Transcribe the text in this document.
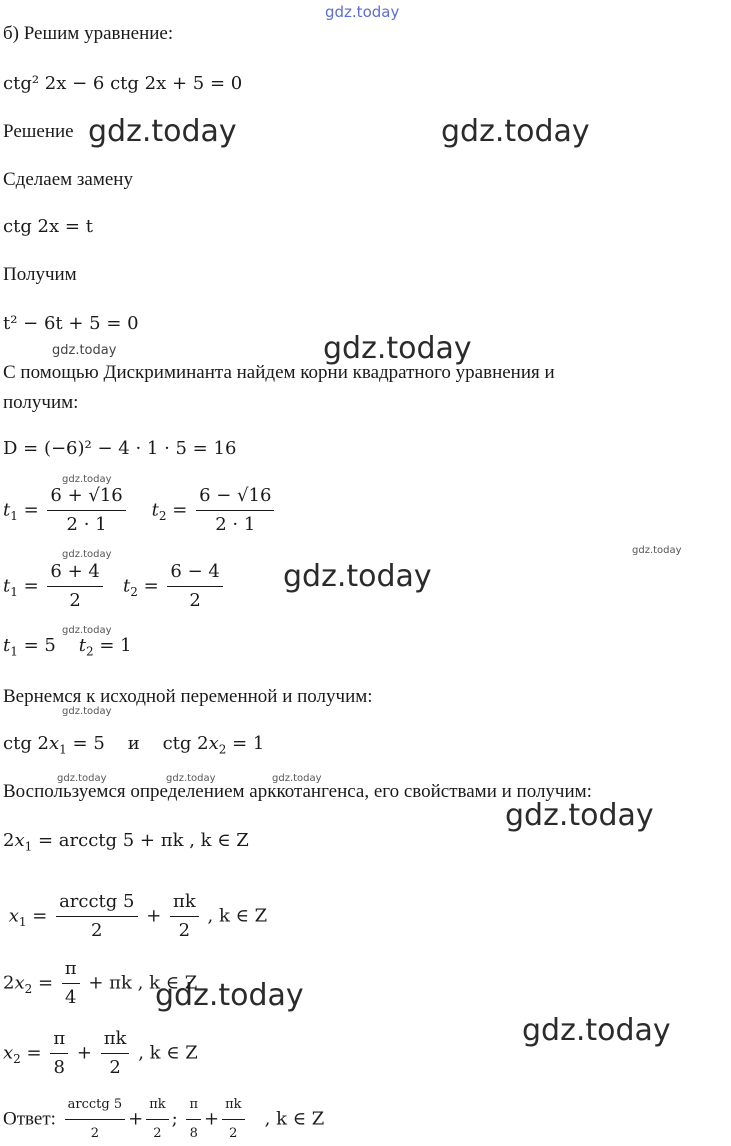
gdz.today
gdz.today	gdz.today
gdz.today
gdz.today
gdz.today
gdz.today
gdz.today
gdz.today
gdz.today
gdz.today
gdz.today	gdz.today	gdz.today
gdz.today
gdz.today
gdz.today
б) Решим уравнение:
ctg² 2x − 6 ctg 2x + 5 = 0
Решение
Сделаем замену
ctg 2x = t
Получим
t² − 6t + 5 = 0
С помощью Дискриминанта найдем корни квадратного уравнения и
получим:
D = (−6)² − 4 · 1 · 5 = 16
$t_1 = \frac{6 + √16}{2 \cdot 1} t_2 = \frac{6 - √16}{2 \cdot 1}$
$t_1 = \frac{6 + 4}{2} t_2 = \frac{6 - 4}{2}$
$t_1 = 5$ $t_2 = 1$
Вернемся к исходной переменной и получим:
ctg $2x_1 = 5$ и    ctg $2x_2 = 1$
Воспользуемся определением арккотангенса, его свойствами и получим:
$2x_1$ = arcctg 5 + πk , k ∈ Z
$x_1 = \frac{\text{arcctg 5}}{2} + \frac{\pi k}{2}$ , k ∈ Z
$2x_2 = \frac{\pi}{4} + \pi k$ , k ∈ Z
$x_2 = \frac{\pi}{8} + \frac{\pi k}{2}$ , k ∈ Z
Ответ: $\frac{\text{arcctg 5}}{2} + \frac{\pi k}{2}$ ; $\frac{\pi}{8} + \frac{\pi k}{2}$ , k ∈ Z
